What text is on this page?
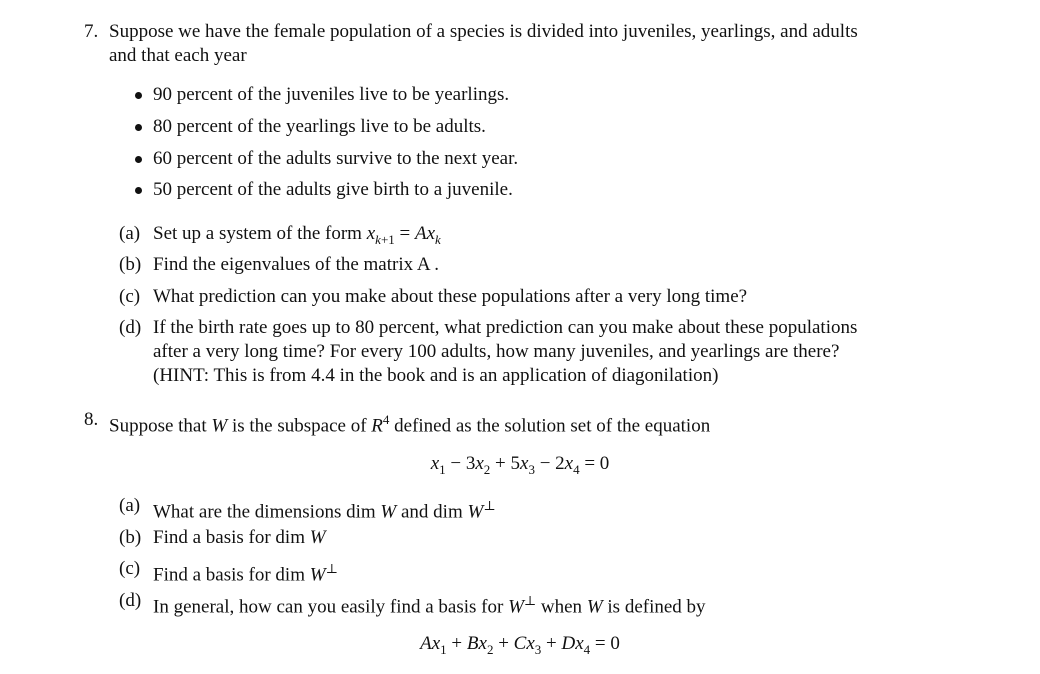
7. Suppose we have the female population of a species is divided into juveniles, yearlings, and adults
and that each year
90 percent of the juveniles live to be yearlings.
80 percent of the yearlings live to be adults.
60 percent of the adults survive to the next year.
50 percent of the adults give birth to a juvenile.
(a) Set up a system of the form $x_{k+1} = Ax_k$
(b) Find the eigenvalues of the matrix A .
(c) What prediction can you make about these populations after a very long time?
(d) If the birth rate goes up to 80 percent, what prediction can you make about these populations
after a very long time? For every 100 adults, how many juveniles, and yearlings are there?
(HINT: This is from 4.4 in the book and is an application of diagonilation)
8. Suppose that W is the subspace of $R^4$ defined as the solution set of the equation
$x_1 - 3x_2 + 5x_3 - 2x_4 = 0$
(a) What are the dimensions dim W and dim W⊥
(b) Find a basis for dim W
(c) Find a basis for dim W⊥
(d) In general, how can you easily find a basis for W⊥ when W is defined by
$Ax_1 + Bx_2 + Cx_3 + Dx_4 = 0$
